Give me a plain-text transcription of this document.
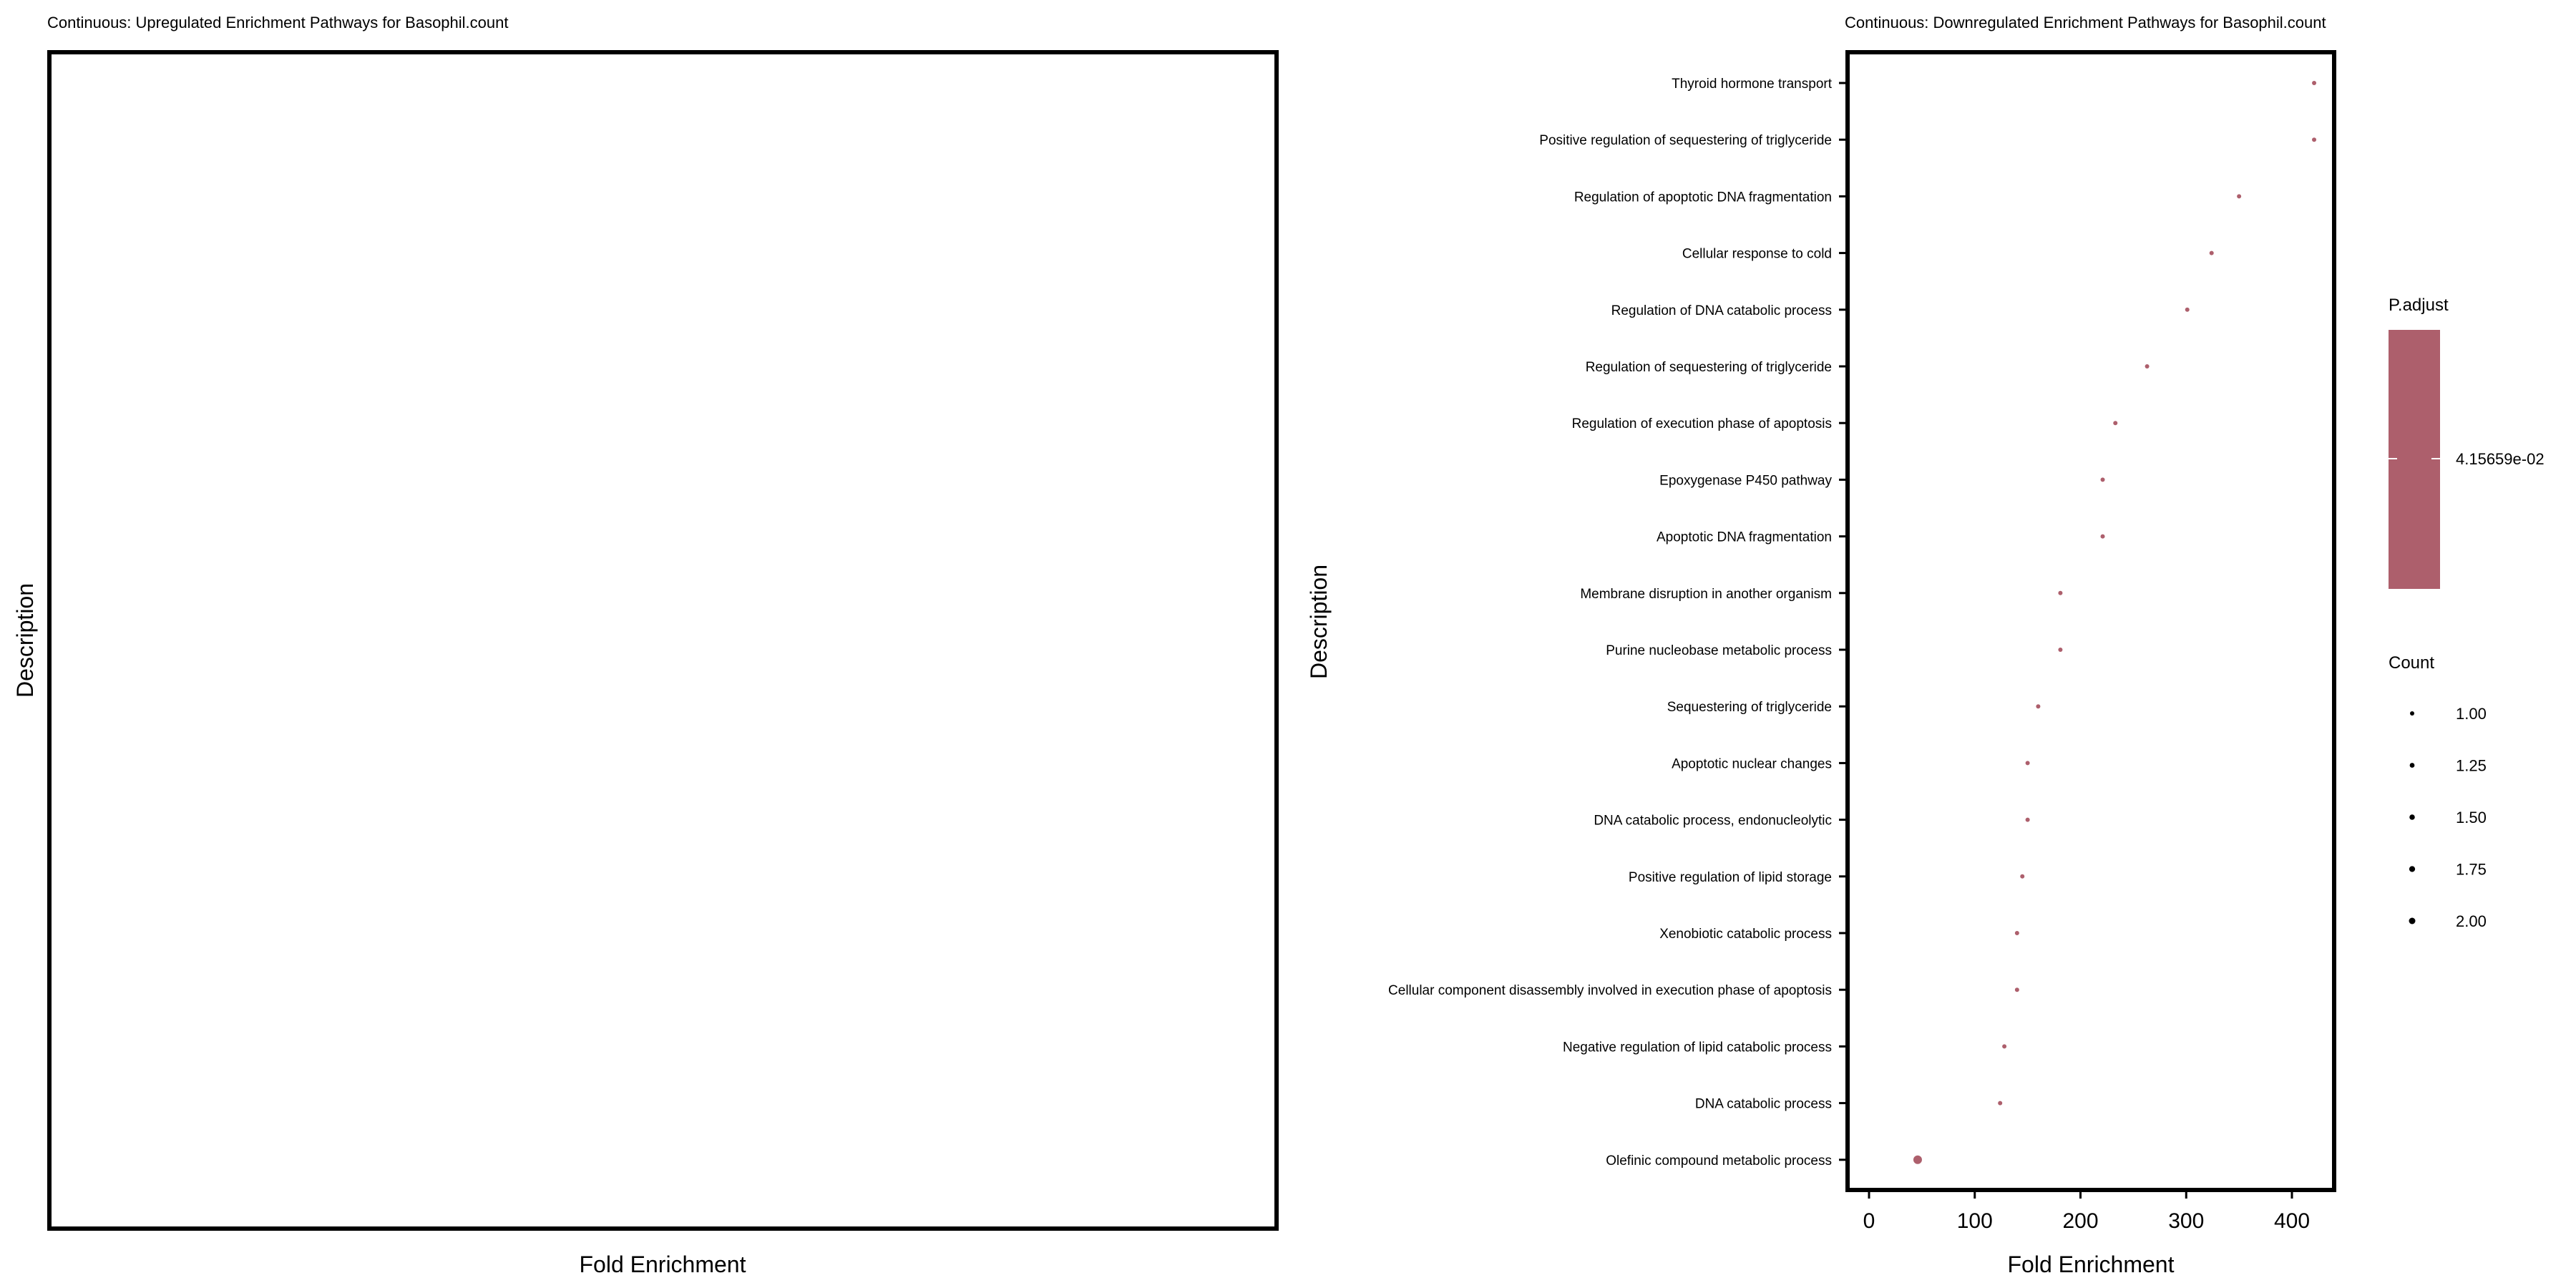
Continuous: Upregulated Enrichment Pathways for Basophil.count
Description
Fold Enrichment
Continuous: Downregulated Enrichment Pathways for Basophil.count
Description
Fold Enrichment
Thyroid hormone transport
Positive regulation of sequestering of triglyceride
Regulation of apoptotic DNA fragmentation
Cellular response to cold
Regulation of DNA catabolic process
Regulation of sequestering of triglyceride
Regulation of execution phase of apoptosis
Epoxygenase P450 pathway
Apoptotic DNA fragmentation
Membrane disruption in another organism
Purine nucleobase metabolic process
Sequestering of triglyceride
Apoptotic nuclear changes
DNA catabolic process, endonucleolytic
Positive regulation of lipid storage
Xenobiotic catabolic process
Cellular component disassembly involved in execution phase of apoptosis
Negative regulation of lipid catabolic process
DNA catabolic process
Olefinic compound metabolic process
0	100	200	300	400
P.adjust
4.15659e-02
Count
1.00
1.25
1.50
1.75
2.00
